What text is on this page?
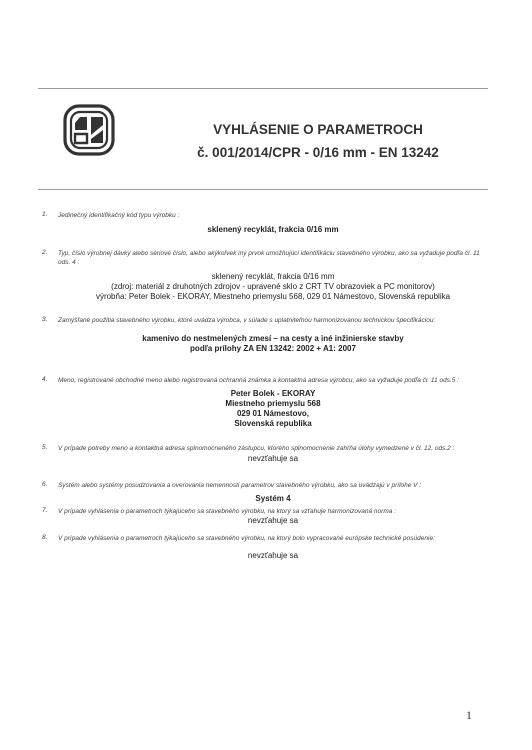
VYHLÁSENIE O PARAMETROCH
č. 001/2014/CPR - 0/16 mm - EN 13242
1. Jedinečný identifikačný kód typu výrobku :
sklenený recyklát, frakcia 0/16 mm
2. Typ, číslo výrobnej dávky alebo sériové číslo, alebo akýkoľvek iný prvok umožňujúci identifikáciu stavebného výrobku, ako sa vyžaduje podľa čl. 11 ods. 4 :
sklenený recyklát, frakcia 0/16 mm
(zdroj: materiál z druhotných zdrojov - upravené sklo z CRT TV obrazoviek a PC monitorov)
výrobňa: Peter Bolek - EKORAY, Miestneho priemyslu 568, 029 01 Námestovo, Slovenská republika
3. Zamýšľané použitia stavebného výrobku, ktoré uvádza výrobca, v súlade s uplatniteľnou harmonizovanou technickou špecifikáciou:
kamenivo do nestmelených zmesí – na cesty a iné inžinierske stavby
podľa prílohy ZA EN 13242: 2002 + A1: 2007
4. Meno, registrované obchodné meno alebo registrovaná ochranná známka a kontaktná adresa výrobcu, ako sa vyžaduje podľa čl. 11 ods.5 :
Peter Bolek - EKORAY
Miestneho priemyslu 568
029 01 Námestovo,
Slovenská republika
5. V prípade potreby meno a kontaktná adresa splnomocneného zástupcu, ktorého splnomocnenie zahŕňa úlohy vymedzené v čl. 12, ods.2 :
nevzťahuje sa
6. Systém alebo systémy posudzovania a overovania nemennosti parametrov stavebného výrobku, ako sa uvádzajú v prílohe V :
Systém 4
7. V prípade vyhlásenia o parametroch týkajúceho sa stavebného výrobku, na ktorý sa vzťahuje harmonizovaná norma :
nevzťahuje sa
8. V prípade vyhlásenia o parametroch týkajúceho sa stavebného výrobku, na ktorý bolo vypracované európske technické posúdenie:
nevzťahuje sa
1
